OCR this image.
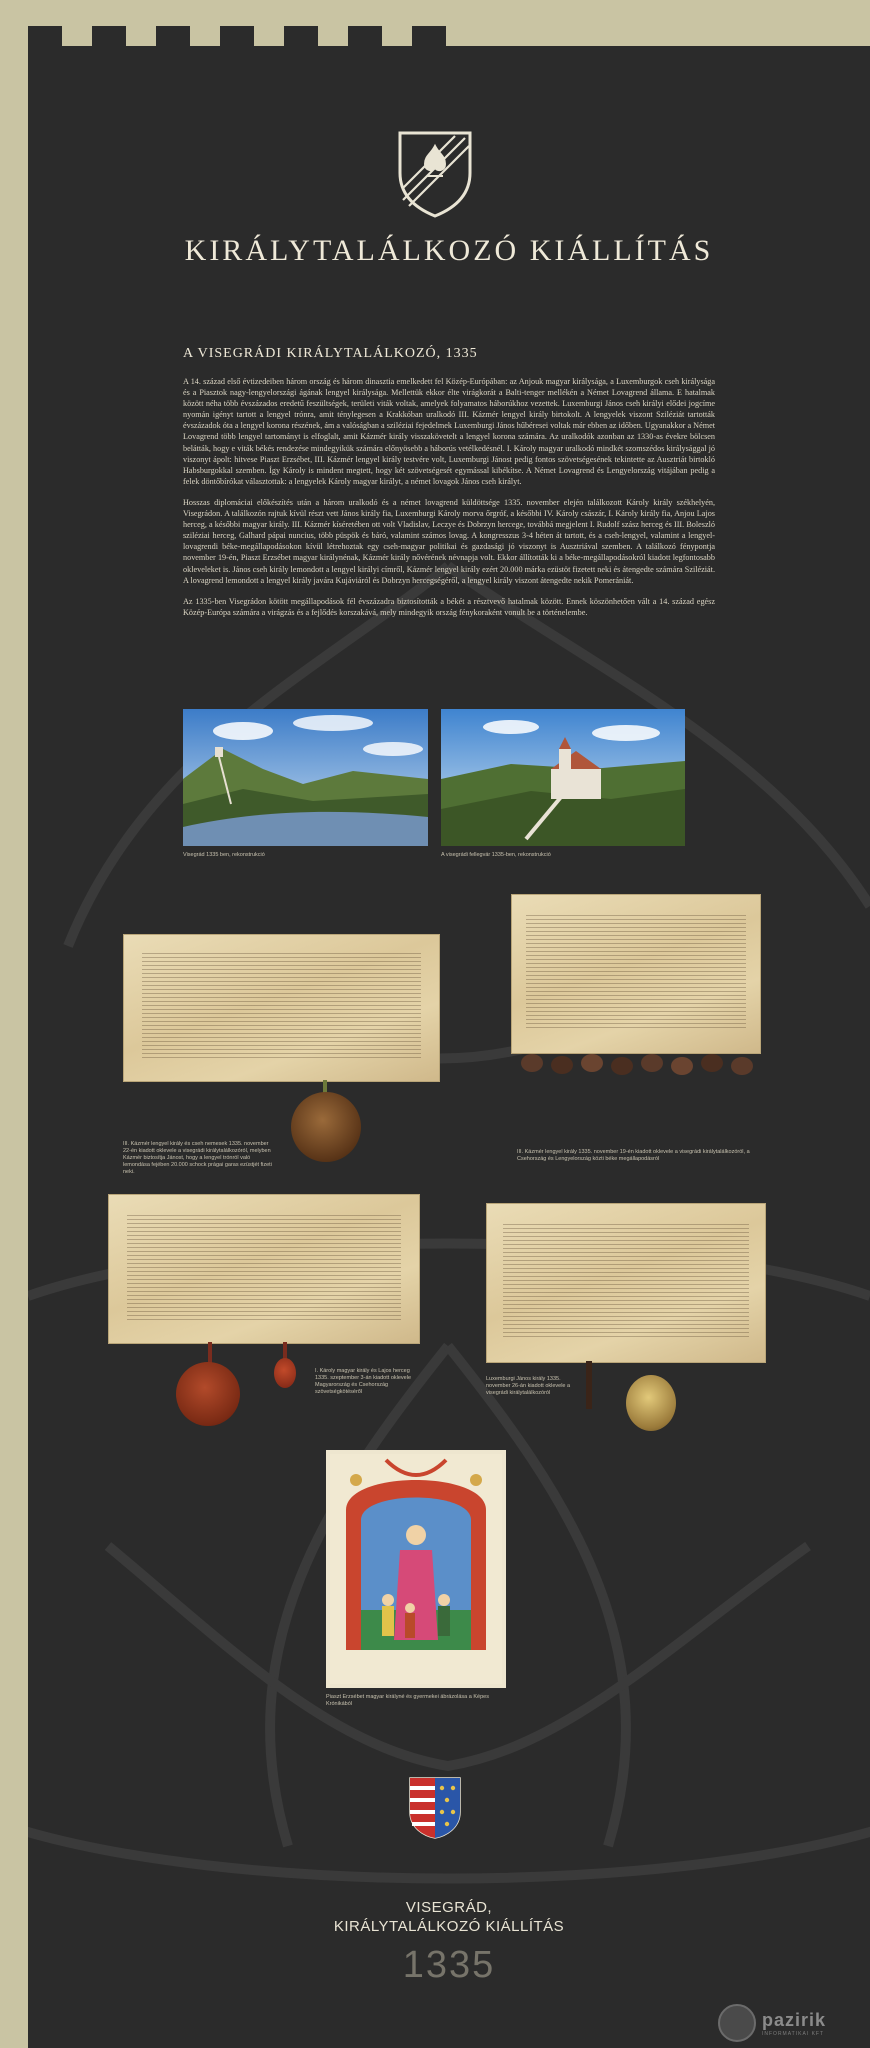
KIRÁLYTALÁLKOZÓ KIÁLLÍTÁS
A VISEGRÁDI KIRÁLYTALÁLKOZÓ, 1335

A 14. század első évtizedeiben három ország és három dinasztia emelkedett fel Közép-Európában: az Anjouk magyar királysága, a Luxemburgok cseh királysága és a Piasztok nagy-lengyelországi ágának lengyel királysága. Mellettük ekkor élte virágkorát a Balti-tenger mellékén a Német Lovagrend állama. E hatalmak között néha több évszázados eredetű feszültségek, területi viták voltak, amelyek folyamatos háborúkhoz vezettek. Luxemburgi János cseh királyi elődei jogcíme nyomán igényt tartott a lengyel trónra, amit ténylegesen a Krakkóban uralkodó III. Kázmér lengyel király birtokolt. A lengyelek viszont Sziléziát tartották évszázadok óta a lengyel korona részének, ám a valóságban a sziléziai fejedelmek Luxemburgi János hűbéresei voltak már ebben az időben. Ugyanakkor a Német Lovagrend több lengyel tartományt is elfoglalt, amit Kázmér király visszakövetelt a lengyel korona számára. Az uralkodók azonban az 1330-as évekre bölcsen belátták, hogy e viták békés rendezése mindegyikük számára előnyösebb a háborús vetélkedésnél. I. Károly magyar uralkodó mindkét szomszédos királysággal jó viszonyt ápolt: hitvese Piaszt Erzsébet, III. Kázmér lengyel király testvére volt, Luxemburgi Jánost pedig fontos szövetségesének tekintette az Ausztriát birtokló Habsburgokkal szemben. Így Károly is mindent megtett, hogy két szövetségesét egymással kibékítse. A Német Lovagrend és Lengyelország vitájában pedig a felek döntőbírókat választottak: a lengyelek Károly magyar királyt, a német lovagok János cseh királyt.

Hosszas diplomáciai előkészítés után a három uralkodó és a német lovagrend küldöttsége 1335. november elején találkozott Károly király székhelyén, Visegrádon. A találkozón rajtuk kívül részt vett János király fia, Luxemburgi Károly morva őrgróf, a későbbi IV. Károly császár, I. Károly király fia, Anjou Lajos herceg, a későbbi magyar király. III. Kázmér kíséretében ott volt Vladislav, Leczye és Dobrzyn hercege, továbbá megjelent I. Rudolf szász herceg és III. Boleszló sziléziai herceg, Galhard pápai nuncius, több püspök és báró, valamint számos lovag. A kongresszus 3-4 héten át tartott, és a cseh-lengyel, valamint a lengyel-lovagrendi béke-megállapodásokon kívül létrehoztak egy cseh-magyar politikai és gazdasági jó viszonyt is Ausztriával szemben. A találkozó fénypontja november 19-én, Piaszt Erzsébet magyar királynénak, Kázmér király nővérének névnapja volt. Ekkor állították ki a béke-megállapodásokról kiadott legfontosabb okleveleket is. János cseh király lemondott a lengyel királyi címről, Kázmér lengyel király ezért 20.000 márka ezüstöt fizetett neki és átengedte számára Sziléziát. A lovagrend lemondott a lengyel király javára Kujáviáról és Dobrzyn hercegségéről, a lengyel király viszont átengedte nekik Pomerániát.

Az 1335-ben Visegrádon kötött megállapodások fél évszázadra biztosították a békét a résztvevő hatalmak között. Ennek köszönhetően vált a 14. század egész Közép-Európa számára a virágzás és a fejlődés korszakává, mely mindegyik ország fénykoraként vonult be a történelembe.

Visegrád 1335 ben, rekonstrukció	A visegrádi fellegvár 1335-ben, rekonstrukció
III. Kázmér lengyel király és cseh nemesek 1335. november 22-én kiadott oklevele a visegrádi királytalálkozóról, melyben Kázmér biztosítja Jánost, hogy a lengyel trónról való lemondása fejében 20.000 schock prágai garas ezüstjét fizeti neki.
III. Kázmér lengyel király 1335. november 19-én kiadott oklevele a visegrádi királytalálkozóról, a Csehország és Lengyelország közti béke megállapodásról
I. Károly magyar király és Lajos herceg 1335. szeptember 3-án kiadott oklevele Magyarország és Csehország szövetségkötéséről
Luxemburgi János király 1335. november 26-án kiadott oklevele a visegrádi királytalálkozóról
Piaszt Erzsébet magyar királyné és gyermekei ábrázolása a Képes Krónikából
VISEGRÁD,
KIRÁLYTALÁLKOZÓ KIÁLLÍTÁS
1335
pazirik
INFORMATIKAI KFT
